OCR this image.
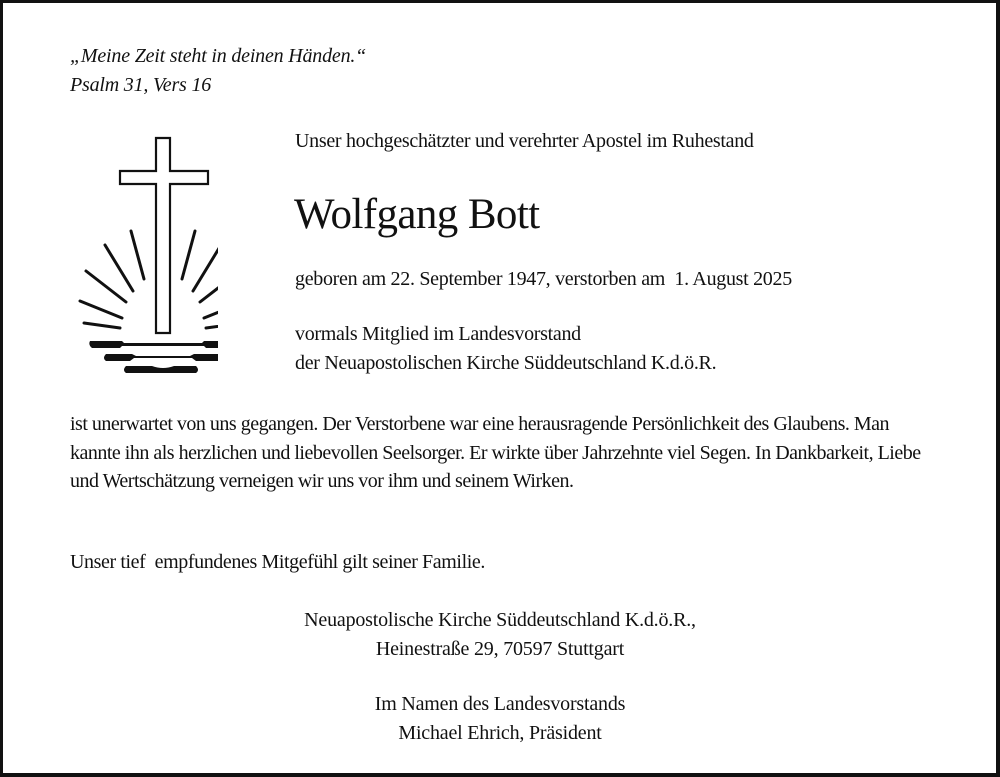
„Meine Zeit steht in deinen Händen.“
Psalm 31, Vers 16
Unser hochgeschätzter und verehrter Apostel im Ruhestand
Wolfgang Bott
geboren am 22. September 1947, verstorben am  1. August 2025
vormals Mitglied im Landesvorstand
der Neuapostolischen Kirche Süddeutschland K.d.ö.R.

ist unerwartet von uns gegangen. Der Verstorbene war eine herausragende Persönlichkeit des Glaubens. Man kannte ihn als herzlichen und liebevollen Seelsorger. Er wirkte über Jahrzehnte viel Segen. In Dankbarkeit, Liebe und Wertschätzung verneigen wir uns vor ihm und seinem Wirken.

Unser tief  empfundenes Mitgefühl gilt seiner Familie.
Neuapostolische Kirche Süddeutschland K.d.ö.R.,
Heinestraße 29, 70597 Stuttgart
Im Namen des Landesvorstands
Michael Ehrich, Präsident
